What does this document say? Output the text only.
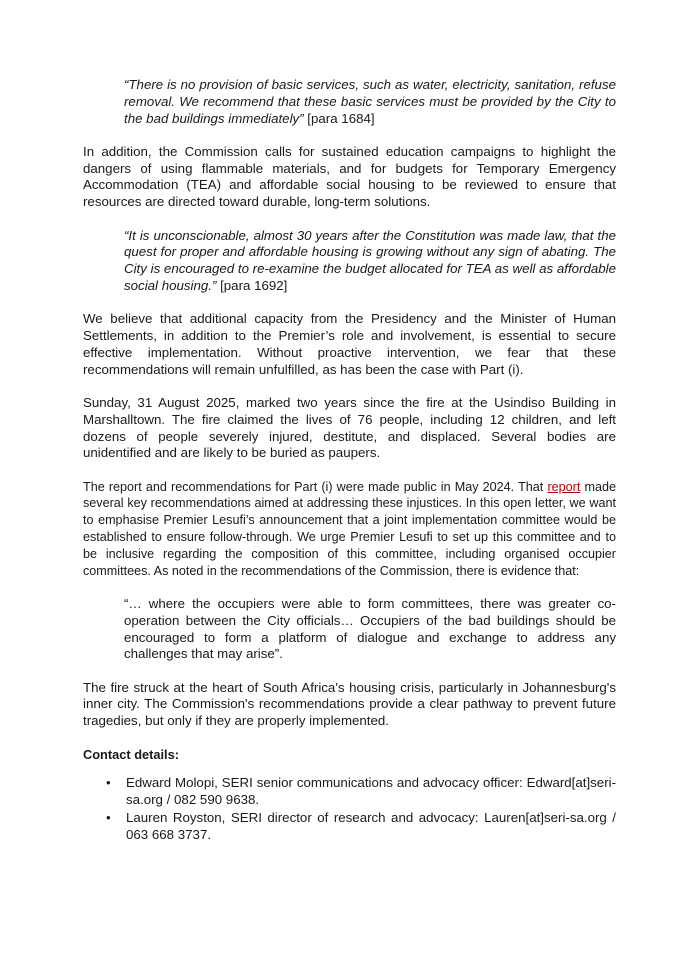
“There is no provision of basic services, such as water, electricity, sanitation, refuse removal. We recommend that these basic services must be provided by the City to the bad buildings immediately” [para 1684]

In addition, the Commission calls for sustained education campaigns to highlight the dangers of using flammable materials, and for budgets for Temporary Emergency Accommodation (TEA) and affordable social housing to be reviewed to ensure that resources are directed toward durable, long-term solutions.

“It is unconscionable, almost 30 years after the Constitution was made law, that the quest for proper and affordable housing is growing without any sign of abating. The City is encouraged to re-examine the budget allocated for TEA as well as affordable social housing.” [para 1692]

We believe that additional capacity from the Presidency and the Minister of Human Settlements, in addition to the Premier’s role and involvement, is essential to secure effective implementation. Without proactive intervention, we fear that these recommendations will remain unfulfilled, as has been the case with Part (i).

Sunday, 31 August 2025, marked two years since the fire at the Usindiso Building in Marshalltown. The fire claimed the lives of 76 people, including 12 children, and left dozens of people severely injured, destitute, and displaced. Several bodies are unidentified and are likely to be buried as paupers.

The report and recommendations for Part (i) were made public in May 2024. That report made several key recommendations aimed at addressing these injustices. In this open letter, we want to emphasise Premier Lesufi’s announcement that a joint implementation committee would be established to ensure follow-through. We urge Premier Lesufi to set up this committee and to be inclusive regarding the composition of this committee, including organised occupier committees. As noted in the recommendations of the Commission, there is evidence that:

“… where the occupiers were able to form committees, there was greater co-operation between the City officials… Occupiers of the bad buildings should be encouraged to form a platform of dialogue and exchange to address any challenges that may arise”.

The fire struck at the heart of South Africa's housing crisis, particularly in Johannesburg's inner city. The Commission's recommendations provide a clear pathway to prevent future tragedies, but only if they are properly implemented.

Contact details:

• Edward Molopi, SERI senior communications and advocacy officer: Edward[at]seri-sa.org / 082 590 9638.
• Lauren Royston, SERI director of research and advocacy: Lauren[at]seri-sa.org / 063 668 3737.
